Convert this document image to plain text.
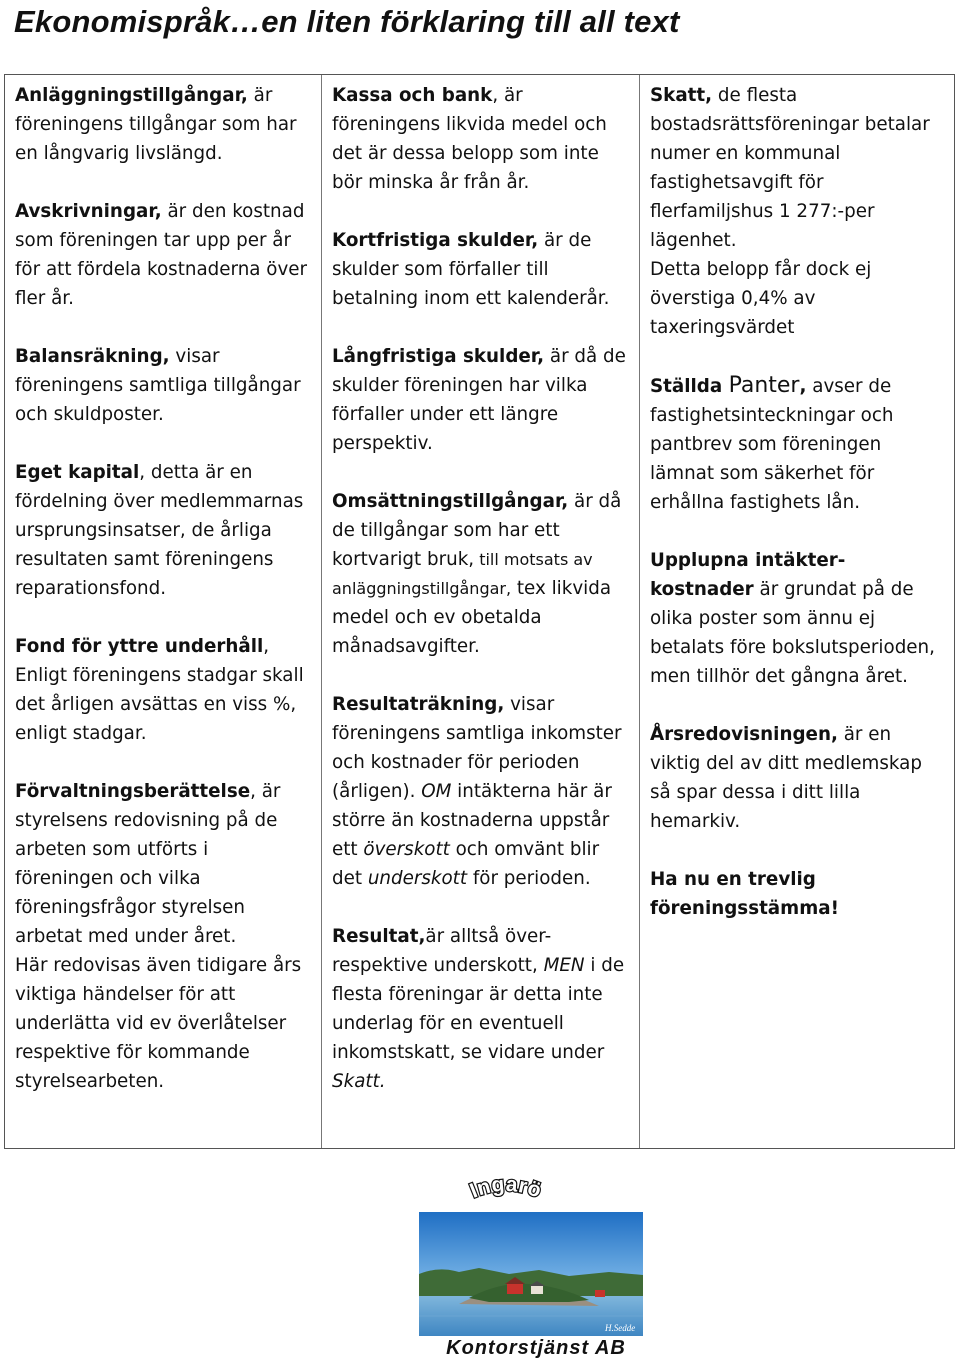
Ekonomispråk…en liten förklaring till all text

Anläggningstillgångar, är föreningens tillgångar som har en långvarig livslängd.

Avskrivningar, är den kostnad som föreningen tar upp per år för att fördela kostnaderna över fler år.

Balansräkning, visar föreningens samtliga tillgångar och skuldposter.

Eget kapital, detta är en fördelning över medlemmarnas ursprungsinsatser, de årliga resultaten samt föreningens reparationsfond.

Fond för yttre underhåll, Enligt föreningens stadgar skall det årligen avsättas en viss %, enligt stadgar.

Förvaltningsberättelse, är styrelsens redovisning på de arbeten som utförts i föreningen och vilka föreningsfrågor styrelsen arbetat med under året.

Här redovisas även tidigare års viktiga händelser för att underlätta vid ev överlåtelser respektive för kommande styrelsearbeten.

Kassa och bank, är föreningens likvida medel och det är dessa belopp som inte bör minska år från år.

Kortfristiga skulder, är de skulder som förfaller till betalning inom ett kalenderår.

Långfristiga skulder, är då de skulder föreningen har vilka förfaller under ett längre perspektiv.

Omsättningstillgångar, är då de tillgångar som har ett kortvarigt bruk, till motsats av anläggningstillgångar, tex likvida medel och ev obetalda månadsavgifter.

Resultaträkning, visar föreningens samtliga inkomster och kostnader för perioden (årligen). OM intäkterna här är större än kostnaderna uppstår ett överskott och omvänt blir det underskott för perioden.

Resultat,är alltså över-respektive underskott, MEN i de flesta föreningar är detta inte underlag för en eventuell inkomstskatt, se vidare under Skatt.

Skatt, de flesta bostadsrättsföreningar betalar numer en kommunal fastighetsavgift för flerfamiljshus 1 277:-per lägenhet.

Detta belopp får dock ej överstiga 0,4% av taxeringsvärdet

Ställda Panter, avser de fastighetsinteckningar och pantbrev som föreningen lämnat som säkerhet för erhållna fastighets lån.

Upplupna intäkter-kostnader är grundat på de olika poster som ännu ej betalats före bokslutsperioden, men tillhör det gångna året.

Årsredovisningen, är en viktig del av ditt medlemskap så spar dessa i ditt lilla hemarkiv.

Ha nu en trevlig föreningsstämma!

Ingarö
H.Sedde
Kontorstjänst AB
